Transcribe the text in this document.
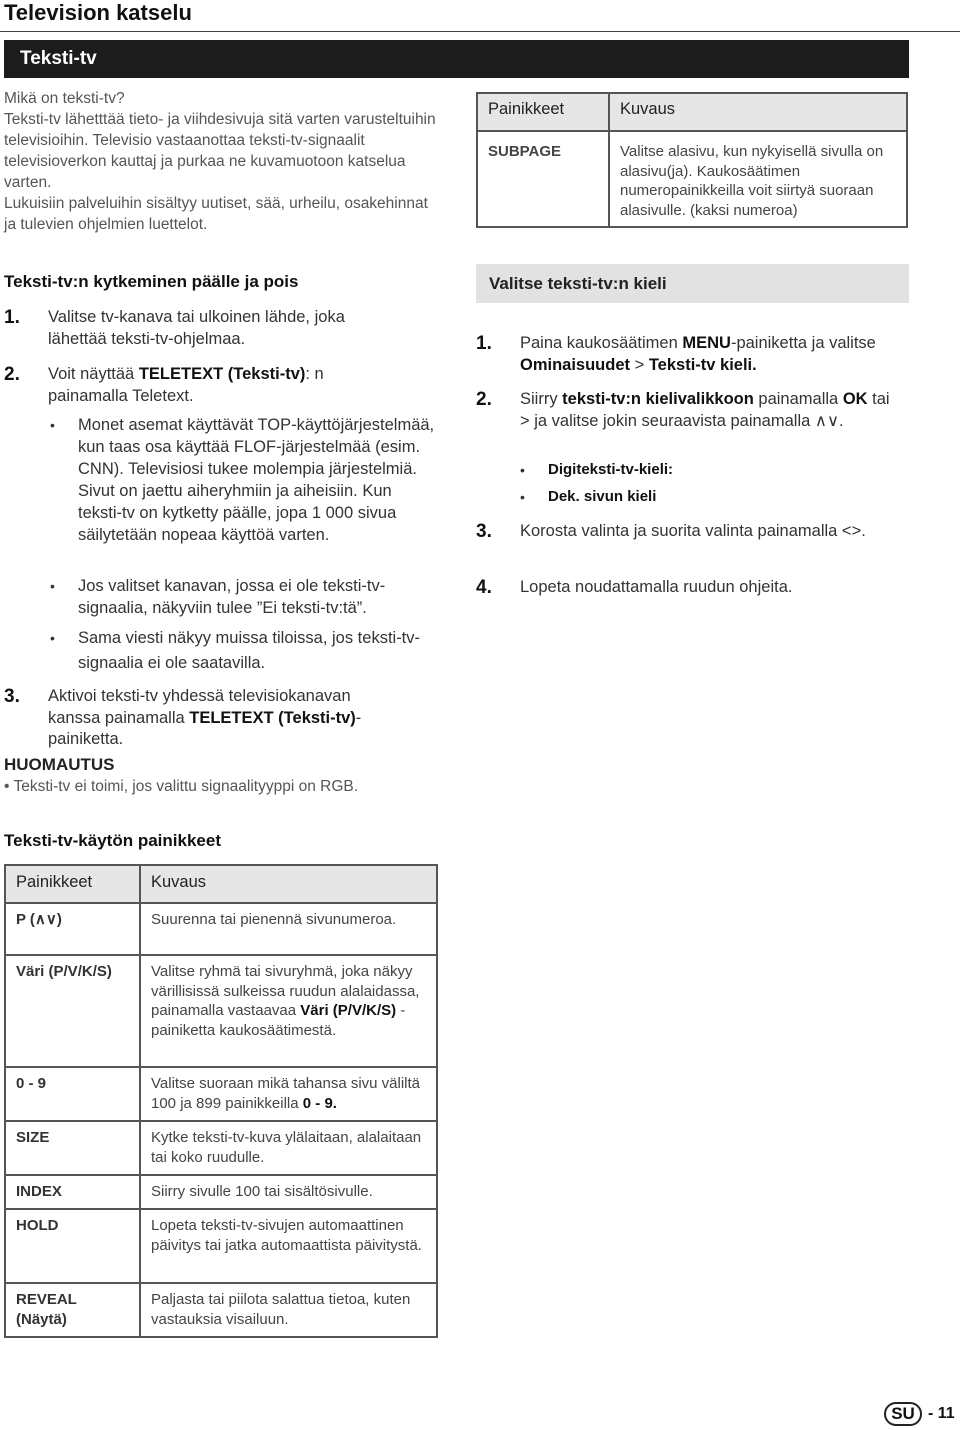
Television katselu
Teksti-tv
Mikä on teksti-tv?
Teksti-tv lähetttää tieto- ja viihdesivuja sitä varten varusteltuihin televisioihin. Televisio vastaanottaa teksti-tv-signaalit televisioverkon kauttaj ja purkaa ne kuvamuotoon katselua varten.
Lukuisiin palveluihin sisältyy uutiset, sää, urheilu, osakehinnat ja tulevien ohjelmien luettelot.
Painikkeet	Kuvaus
SUBPAGE	Valitse alasivu, kun nykyisellä sivulla on alasivu(ja). Kaukosäätimen numeropainikkeilla voit siirtyä suoraan alasivulle. (kaksi numeroa)
Teksti-tv:n kytkeminen päälle ja pois
1. Valitse tv-kanava tai ulkoinen lähde, joka lähettää teksti-tv-ohjelmaa.
2. Voit näyttää TELETEXT (Teksti-tv): n painamalla Teletext.
• Monet asemat käyttävät TOP-käyttöjärjestelmää, kun taas osa käyttää FLOF-järjestelmää (esim. CNN). Televisiosi tukee molempia järjestelmiä. Sivut on jaettu aiheryhmiin ja aiheisiin. Kun teksti-tv on kytketty päälle, jopa 1 000 sivua säilytetään nopeaa käyttöä varten.
• Jos valitset kanavan, jossa ei ole teksti-tv-signaalia, näkyviin tulee ”Ei teksti-tv:tä”.
• Sama viesti näkyy muissa tiloissa, jos teksti-tv-signaalia ei ole saatavilla.
3. Aktivoi teksti-tv yhdessä televisiokanavan kanssa painamalla TELETEXT (Teksti-tv)-painiketta.
HUOMAUTUS
• Teksti-tv ei toimi, jos valittu signaalityyppi on RGB.
Valitse teksti-tv:n kieli
1. Paina kaukosäätimen MENU-painiketta ja valitse Ominaisuudet > Teksti-tv kieli.
2. Siirry teksti-tv:n kielivalikkoon painamalla OK tai > ja valitse jokin seuraavista painamalla ∧∨.
• Digiteksti-tv-kieli:
• Dek. sivun kieli
3. Korosta valinta ja suorita valinta painamalla <>.
4. Lopeta noudattamalla ruudun ohjeita.
Teksti-tv-käytön painikkeet
Painikkeet	Kuvaus
P (∧∨)	Suurenna tai pienennä sivunumeroa.
Väri (P/V/K/S)	Valitse ryhmä tai sivuryhmä, joka näkyy värillisissä sulkeissa ruudun alalaidassa, painamalla vastaavaa Väri (P/V/K/S) -painiketta kaukosäätimestä.
0 - 9	Valitse suoraan mikä tahansa sivu väliltä 100 ja 899 painikkeilla 0 - 9.
SIZE	Kytke teksti-tv-kuva ylälaitaan, alalaitaan tai koko ruudulle.
INDEX	Siirry sivulle 100 tai sisältösivulle.
HOLD	Lopeta teksti-tv-sivujen automaattinen päivitys tai jatka automaattista päivitystä.
REVEAL (Näytä)	Paljasta tai piilota salattua tietoa, kuten vastauksia visailuun.
SU - 11
